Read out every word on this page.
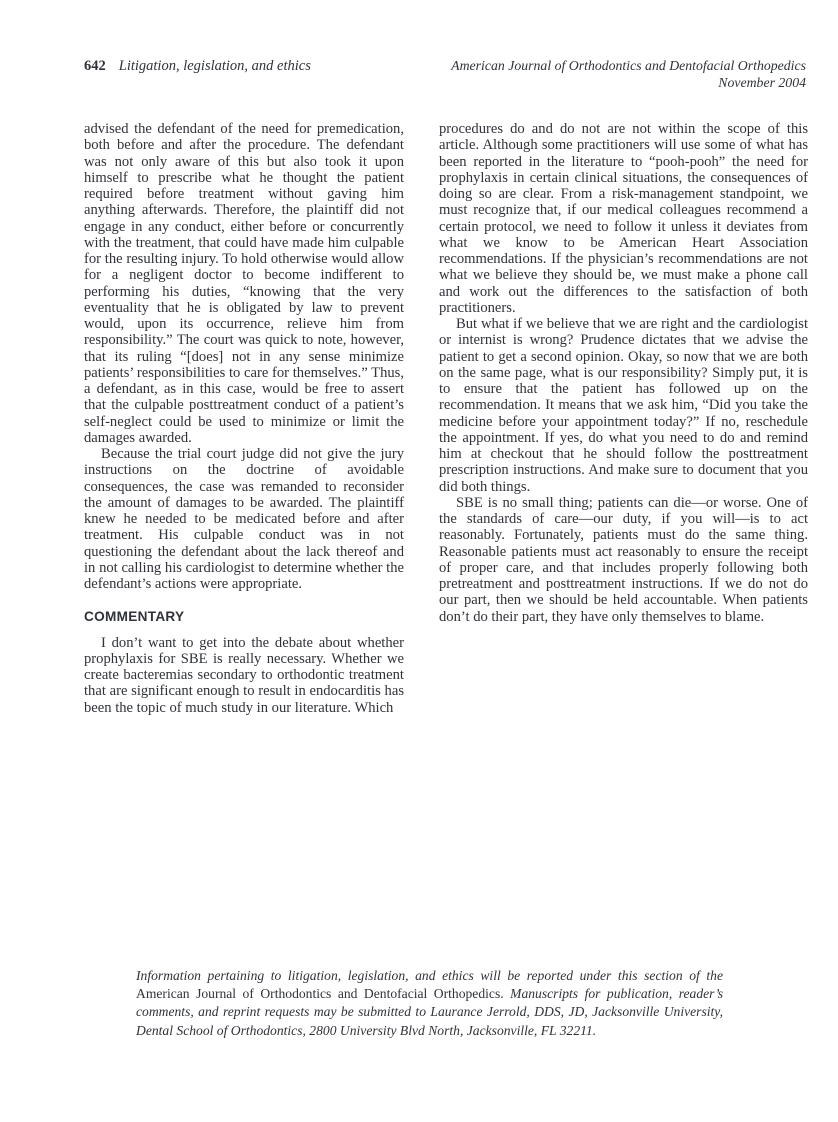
642 Litigation, legislation, and ethics	American Journal of Orthodontics and Dentofacial Orthopedics
November 2004

advised the defendant of the need for premedication, both before and after the procedure. The defendant was not only aware of this but also took it upon himself to prescribe what he thought the patient required before treatment without gaving him anything afterwards. Therefore, the plaintiff did not engage in any conduct, either before or concurrently with the treatment, that could have made him culpable for the resulting injury. To hold otherwise would allow for a negligent doctor to become indifferent to performing his duties, “knowing that the very eventuality that he is obligated by law to prevent would, upon its occurrence, relieve him from responsibility.” The court was quick to note, however, that its ruling “[does] not in any sense minimize patients’ responsibilities to care for themselves.” Thus, a defendant, as in this case, would be free to assert that the culpable posttreatment conduct of a patient’s self-neglect could be used to minimize or limit the damages awarded.

Because the trial court judge did not give the jury instructions on the doctrine of avoidable consequences, the case was remanded to reconsider the amount of damages to be awarded. The plaintiff knew he needed to be medicated before and after treatment. His culpable conduct was in not questioning the defendant about the lack thereof and in not calling his cardiologist to determine whether the defendant’s actions were appropriate.

COMMENTARY

I don’t want to get into the debate about whether prophylaxis for SBE is really necessary. Whether we create bacteremias secondary to orthodontic treatment that are significant enough to result in endocarditis has been the topic of much study in our literature. Which

procedures do and do not are not within the scope of this article. Although some practitioners will use some of what has been reported in the literature to “pooh-pooh” the need for prophylaxis in certain clinical situations, the consequences of doing so are clear. From a risk-management standpoint, we must recognize that, if our medical colleagues recommend a certain protocol, we need to follow it unless it deviates from what we know to be American Heart Association recommendations. If the physician’s recommendations are not what we believe they should be, we must make a phone call and work out the differences to the satisfaction of both practitioners.

But what if we believe that we are right and the cardiologist or internist is wrong? Prudence dictates that we advise the patient to get a second opinion. Okay, so now that we are both on the same page, what is our responsibility? Simply put, it is to ensure that the patient has followed up on the recommendation. It means that we ask him, “Did you take the medicine before your appointment today?” If no, reschedule the appointment. If yes, do what you need to do and remind him at checkout that he should follow the posttreatment prescription instructions. And make sure to document that you did both things.

SBE is no small thing; patients can die—or worse. One of the standards of care—our duty, if you will—is to act reasonably. Fortunately, patients must do the same thing. Reasonable patients must act reasonably to ensure the receipt of proper care, and that includes properly following both pretreatment and posttreatment instructions. If we do not do our part, then we should be held accountable. When patients don’t do their part, they have only themselves to blame.

Information pertaining to litigation, legislation, and ethics will be reported under this section of the American Journal of Orthodontics and Dentofacial Orthopedics. Manuscripts for publication, reader’s comments, and reprint requests may be submitted to Laurance Jerrold, DDS, JD, Jacksonville University, Dental School of Orthodontics, 2800 University Blvd North, Jacksonville, FL 32211.
